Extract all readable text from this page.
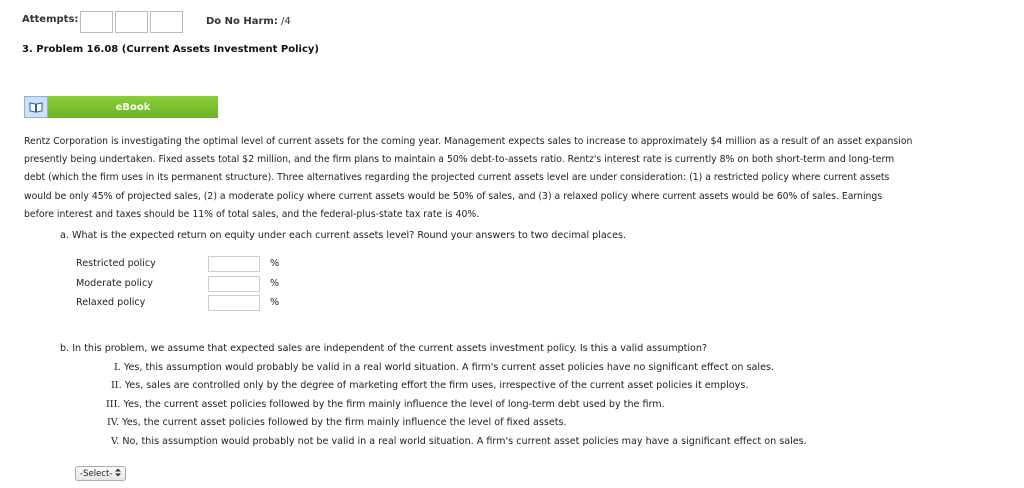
Attempts:	Do No Harm: /4
3. Problem 16.08 (Current Assets Investment Policy)
eBook
Rentz Corporation is investigating the optimal level of current assets for the coming year. Management expects sales to increase to approximately $4 million as a result of an asset expansion
presently being undertaken. Fixed assets total $2 million, and the firm plans to maintain a 50% debt-to-assets ratio. Rentz's interest rate is currently 8% on both short-term and long-term
debt (which the firm uses in its permanent structure). Three alternatives regarding the projected current assets level are under consideration: (1) a restricted policy where current assets
would be only 45% of projected sales, (2) a moderate policy where current assets would be 50% of sales, and (3) a relaxed policy where current assets would be 60% of sales. Earnings
before interest and taxes should be 11% of total sales, and the federal-plus-state tax rate is 40%.
a. What is the expected return on equity under each current assets level? Round your answers to two decimal places.
Restricted policy	%
Moderate policy	%
Relaxed policy	%
b. In this problem, we assume that expected sales are independent of the current assets investment policy. Is this a valid assumption?
I. Yes, this assumption would probably be valid in a real world situation. A firm's current asset policies have no significant effect on sales.
II. Yes, sales are controlled only by the degree of marketing effort the firm uses, irrespective of the current asset policies it employs.
III. Yes, the current asset policies followed by the firm mainly influence the level of long-term debt used by the firm.
IV. Yes, the current asset policies followed by the firm mainly influence the level of fixed assets.
V. No, this assumption would probably not be valid in a real world situation. A firm's current asset policies may have a significant effect on sales.
-Select-
